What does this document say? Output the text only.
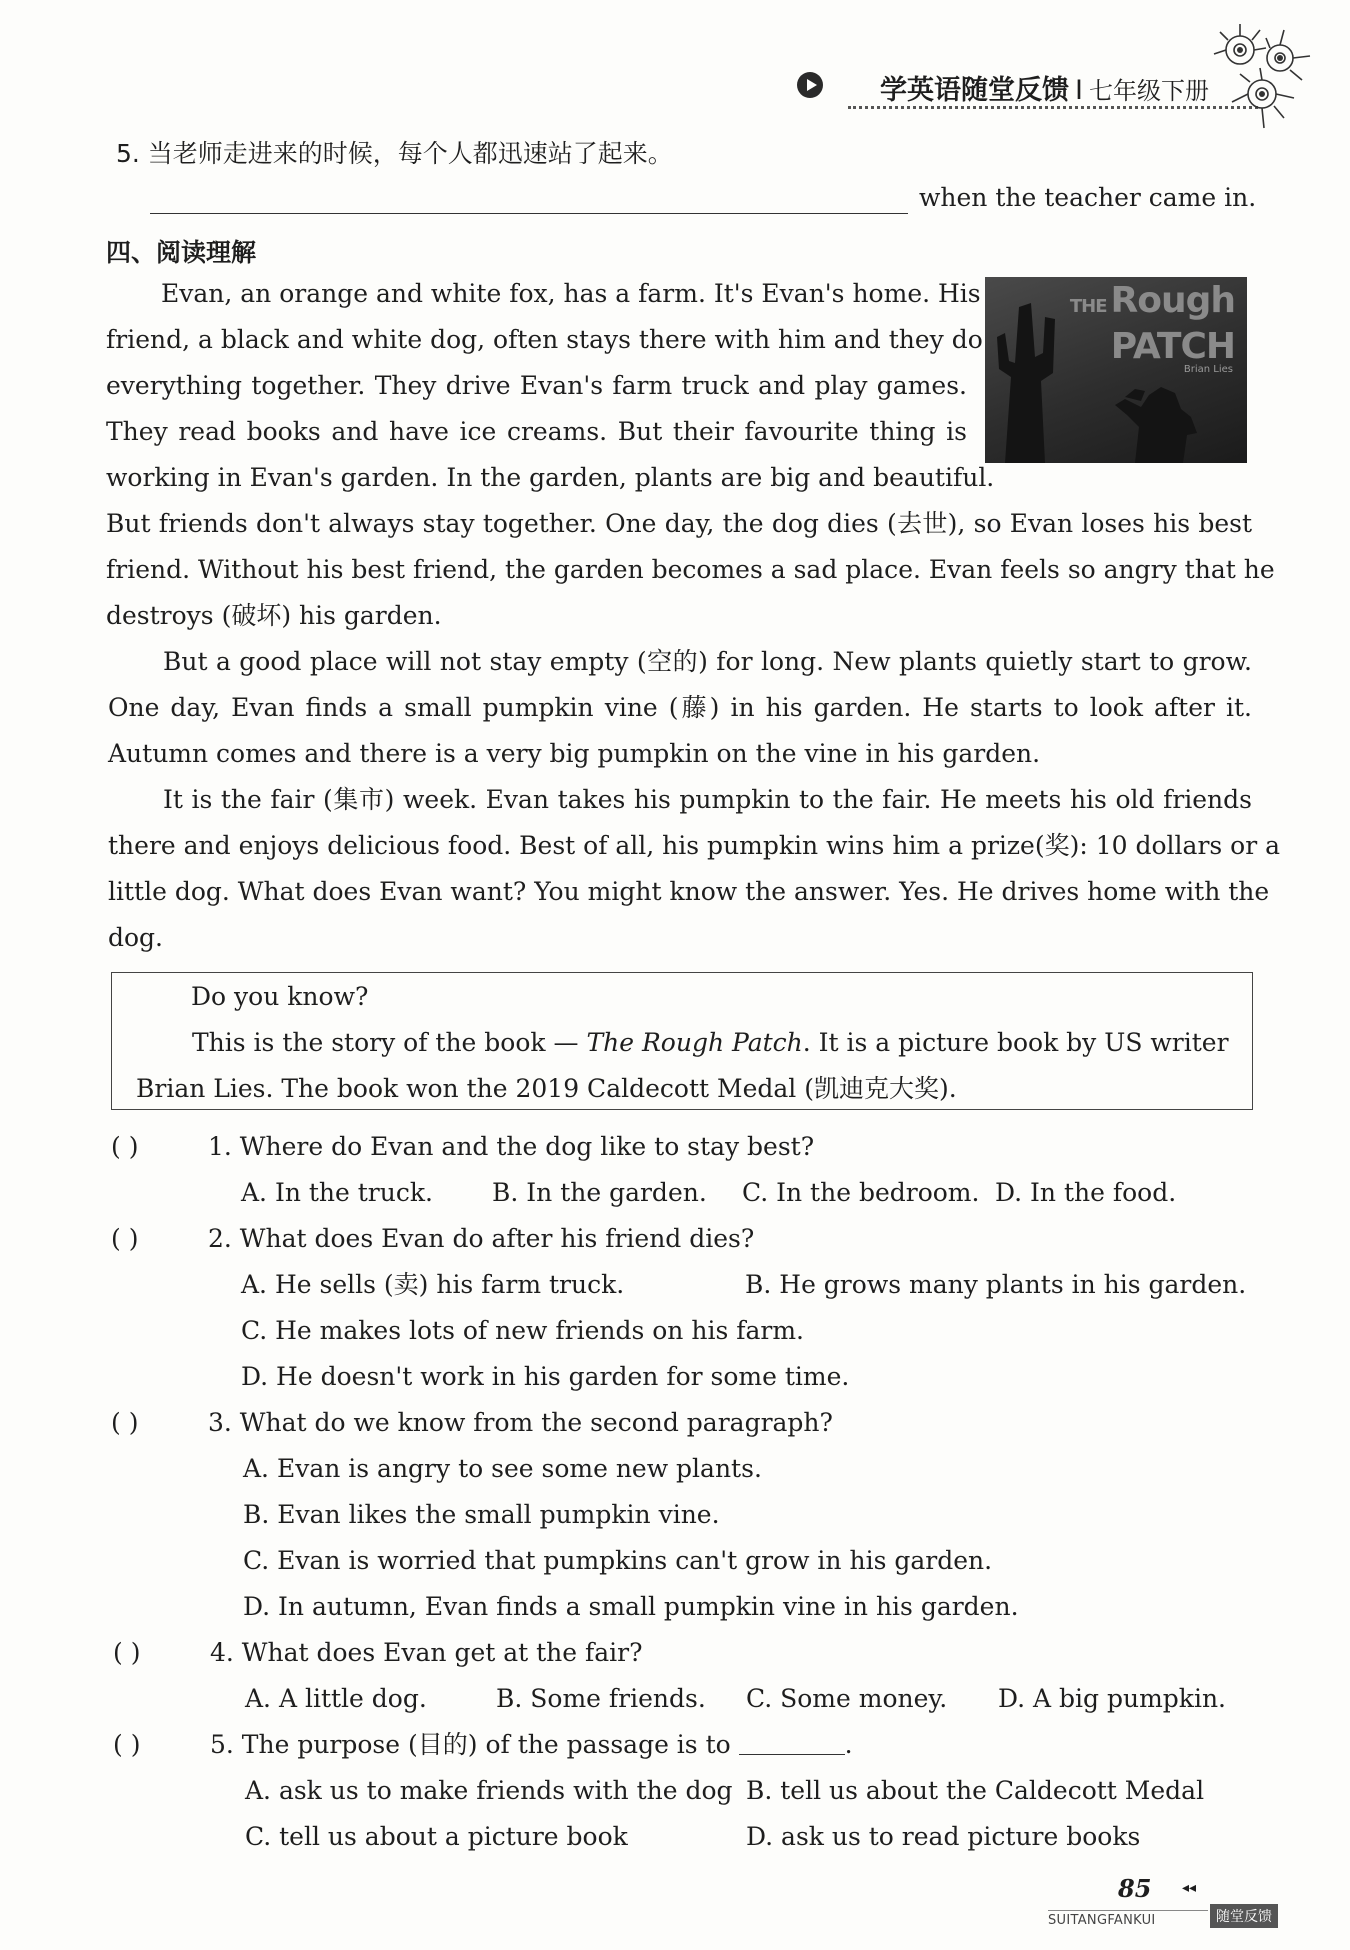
学英语随堂反馈 I 七年级下册
5. 当老师走进来的时候，每个人都迅速站了起来。
when the teacher came in.
四、阅读理解
THE Rough
PATCH
Brian Lies
Evan, an orange and white fox, has a farm. It's Evan's home. His
friend, a black and white dog, often stays there with him and they do
everything together. They drive Evan's farm truck and play games.
They read books and have ice creams. But their favourite thing is
working in Evan's garden. In the garden, plants are big and beautiful.
But friends don't always stay together. One day, the dog dies (去世), so Evan loses his best
friend. Without his best friend, the garden becomes a sad place. Evan feels so angry that he
destroys (破坏) his garden.
But a good place will not stay empty (空的) for long. New plants quietly start to grow.
One day, Evan finds a small pumpkin vine (藤) in his garden. He starts to look after it.
Autumn comes and there is a very big pumpkin on the vine in his garden.
It is the fair (集市) week. Evan takes his pumpkin to the fair. He meets his old friends
there and enjoys delicious food. Best of all, his pumpkin wins him a prize(奖): 10 dollars or a
little dog. What does Evan want? You might know the answer. Yes. He drives home with the
dog.
Do you know?
This is the story of the book — The Rough Patch. It is a picture book by US writer
Brian Lies. The book won the 2019 Caldecott Medal (凯迪克大奖).
( )	1. Where do Evan and the dog like to stay best?
A. In the truck. B. In the garden. C. In the bedroom. D. In the food.
( )	2. What does Evan do after his friend dies?
A. He sells (卖) his farm truck.	B. He grows many plants in his garden.
C. He makes lots of new friends on his farm.
D. He doesn't work in his garden for some time.
( )	3. What do we know from the second paragraph?
A. Evan is angry to see some new plants.
B. Evan likes the small pumpkin vine.
C. Evan is worried that pumpkins can't grow in his garden.
D. In autumn, Evan finds a small pumpkin vine in his garden.
( )	4. What does Evan get at the fair?
A. A little dog.	B. Some friends. C. Some money. D. A big pumpkin.
( )	5. The purpose (目的) of the passage is to	.
A. ask us to make friends with the dog B. tell us about the Caldecott Medal
C. tell us about a picture book	D. ask us to read picture books
85 ◂◂
SUITANGFANKUI	随堂反馈
